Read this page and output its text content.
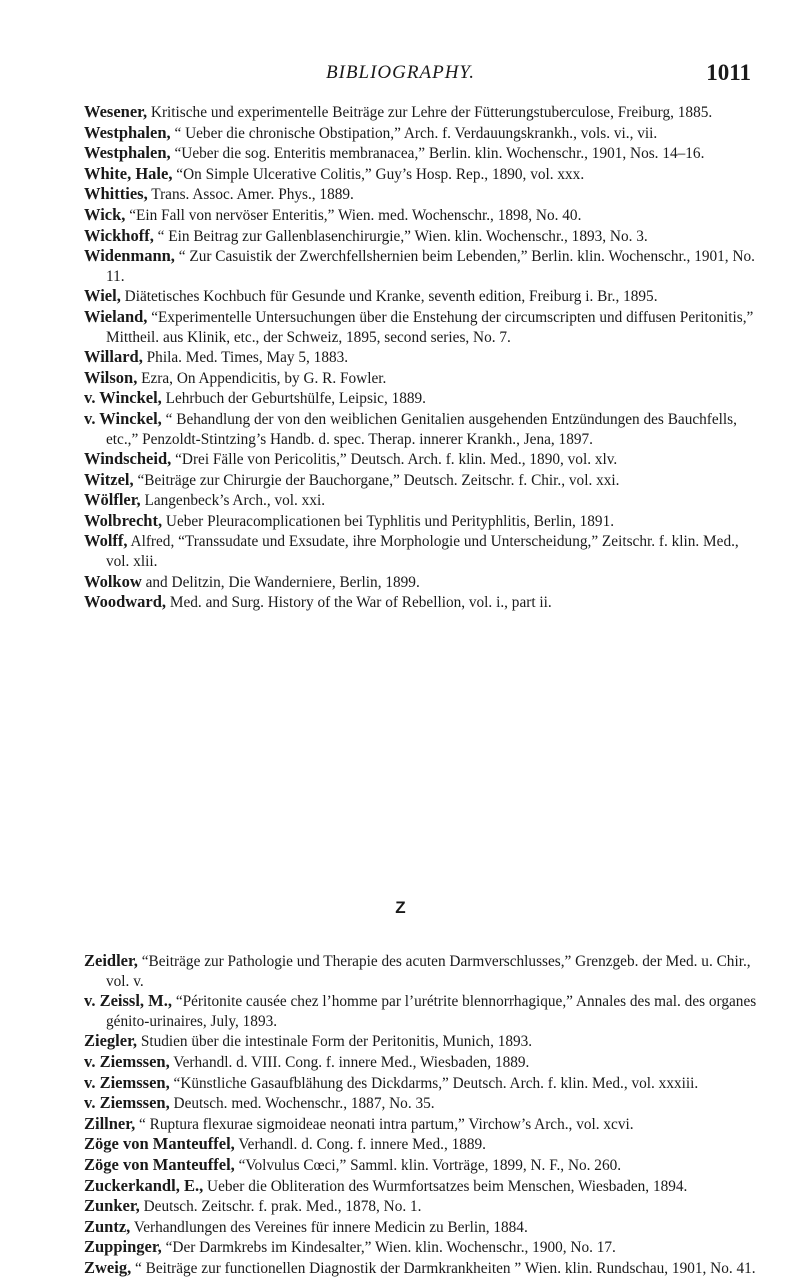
BIBLIOGRAPHY.	1011

Wesener, Kritische und experimentelle Beiträge zur Lehre der Fütterungstuberculose, Freiburg, 1885.

Westphalen, “ Ueber die chronische Obstipation,” Arch. f. Verdauungskrankh., vols. vi., vii.

Westphalen, “Ueber die sog. Enteritis membranacea,” Berlin. klin. Wochenschr., 1901, Nos. 14–16.

White, Hale, “On Simple Ulcerative Colitis,” Guy’s Hosp. Rep., 1890, vol. xxx.

Whitties, Trans. Assoc. Amer. Phys., 1889.

Wick, “Ein Fall von nervöser Enteritis,” Wien. med. Wochenschr., 1898, No. 40.

Wickhoff, “ Ein Beitrag zur Gallenblasenchirurgie,” Wien. klin. Wochenschr., 1893, No. 3.

Widenmann, “ Zur Casuistik der Zwerchfellshernien beim Lebenden,” Berlin. klin. Wochenschr., 1901, No. 11.

Wiel, Diätetisches Kochbuch für Gesunde und Kranke, seventh edition, Freiburg i. Br., 1895.

Wieland, “Experimentelle Untersuchungen über die Enstehung der circumscripten und diffusen Peritonitis,” Mittheil. aus Klinik, etc., der Schweiz, 1895, second series, No. 7.

Willard, Phila. Med. Times, May 5, 1883.

Wilson, Ezra, On Appendicitis, by G. R. Fowler.

v. Winckel, Lehrbuch der Geburtshülfe, Leipsic, 1889.

v. Winckel, “ Behandlung der von den weiblichen Genitalien ausgehenden Entzündungen des Bauchfells, etc.,” Penzoldt-Stintzing’s Handb. d. spec. Therap. innerer Krankh., Jena, 1897.

Windscheid, “Drei Fälle von Pericolitis,” Deutsch. Arch. f. klin. Med., 1890, vol. xlv.

Witzel, “Beiträge zur Chirurgie der Bauchorgane,” Deutsch. Zeitschr. f. Chir., vol. xxi.

Wölfler, Langenbeck’s Arch., vol. xxi.

Wolbrecht, Ueber Pleuracomplicationen bei Typhlitis und Perityphlitis, Berlin, 1891.

Wolff, Alfred, “Transsudate und Exsudate, ihre Morphologie und Unterscheidung,” Zeitschr. f. klin. Med., vol. xlii.

Wolkow and Delitzin, Die Wanderniere, Berlin, 1899.

Woodward, Med. and Surg. History of the War of Rebellion, vol. i., part ii.

Z

Zeidler, “Beiträge zur Pathologie und Therapie des acuten Darmverschlusses,” Grenzgeb. der Med. u. Chir., vol. v.

v. Zeissl, M., “Péritonite causée chez l’homme par l’urétrite blennorrhagique,” Annales des mal. des organes génito-urinaires, July, 1893.

Ziegler, Studien über die intestinale Form der Peritonitis, Munich, 1893.

v. Ziemssen, Verhandl. d. VIII. Cong. f. innere Med., Wiesbaden, 1889.

v. Ziemssen, “Künstliche Gasaufblähung des Dickdarms,” Deutsch. Arch. f. klin. Med., vol. xxxiii.

v. Ziemssen, Deutsch. med. Wochenschr., 1887, No. 35.

Zillner, “ Ruptura flexurae sigmoideae neonati intra partum,” Virchow’s Arch., vol. xcvi.

Zöge von Manteuffel, Verhandl. d. Cong. f. innere Med., 1889.

Zöge von Manteuffel, “Volvulus Cœci,” Samml. klin. Vorträge, 1899, N. F., No. 260.

Zuckerkandl, E., Ueber die Obliteration des Wurmfortsatzes beim Menschen, Wiesbaden, 1894.

Zunker, Deutsch. Zeitschr. f. prak. Med., 1878, No. 1.

Zuntz, Verhandlungen des Vereines für innere Medicin zu Berlin, 1884.

Zuppinger, “Der Darmkrebs im Kindesalter,” Wien. klin. Wochenschr., 1900, No. 17.

Zweig, “ Beiträge zur functionellen Diagnostik der Darmkrankheiten ” Wien. klin. Rundschau, 1901, No. 41.
